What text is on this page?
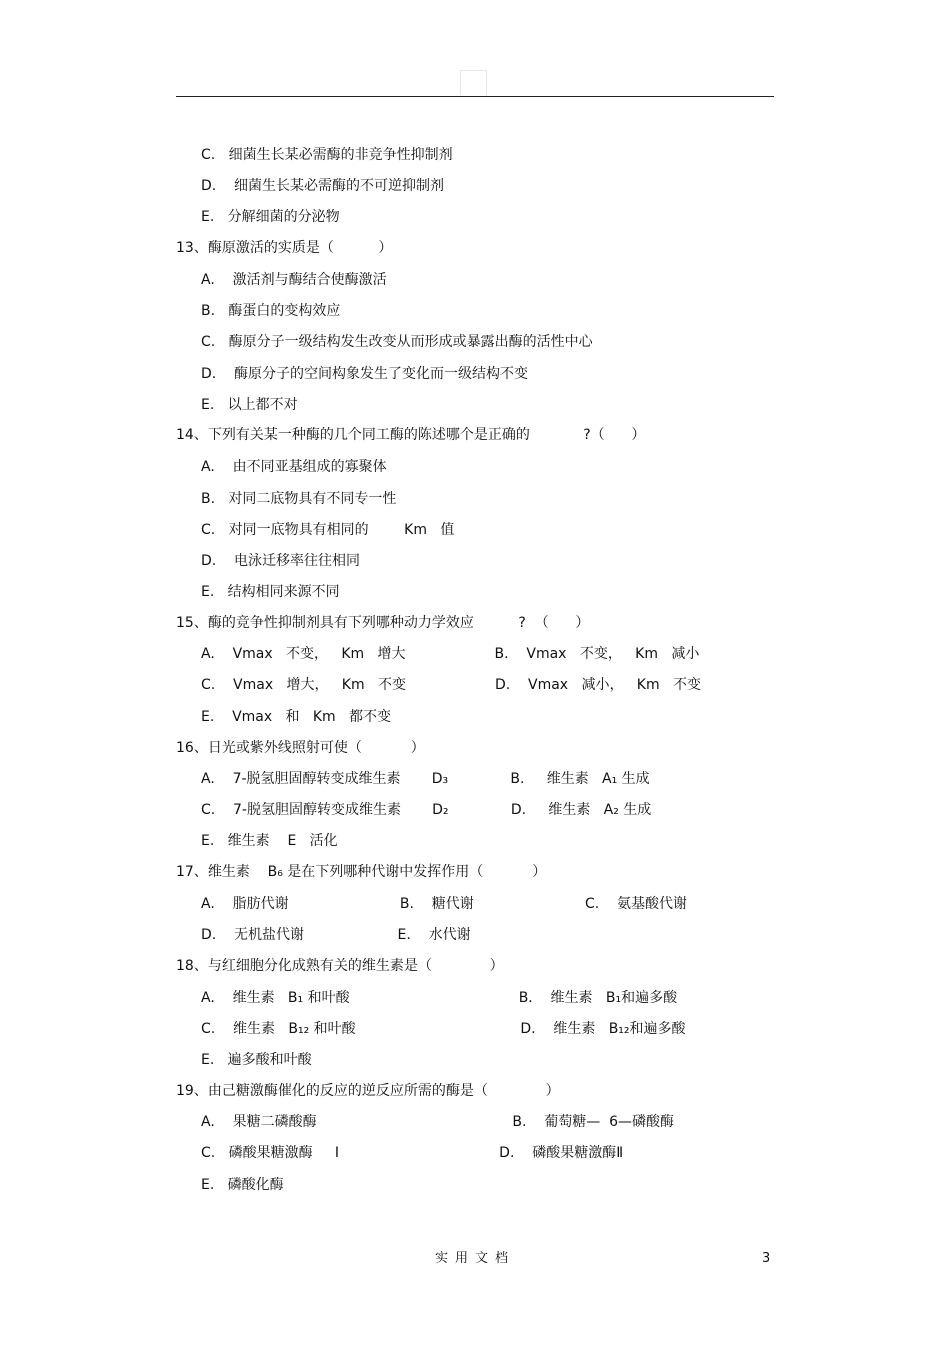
C.   细菌生长某必需酶的非竞争性抑制剂
D.    细菌生长某必需酶的不可逆抑制剂
E.   分解细菌的分泌物
13、酶原激活的实质是（          ）
A.    激活剂与酶结合使酶激活
B.   酶蛋白的变构效应
C.   酶原分子一级结构发生改变从而形成或暴露出酶的活性中心
D.    酶原分子的空间构象发生了变化而一级结构不变
E.   以上都不对
14、下列有关某一种酶的几个同工酶的陈述哪个是正确的            ?（      ）
A.    由不同亚基组成的寡聚体
B.   对同二底物具有不同专一性
C.   对同一底物具有相同的        Km   值
D.    电泳迁移率往往相同
E.   结构相同来源不同
15、酶的竞争性抑制剂具有下列哪种动力学效应          ?  （      ）
A.    Vmax   不变，   Km   增大                    B.    Vmax   不变，   Km   减小
C.    Vmax   增大，   Km   不变                    D.    Vmax   减小，   Km   不变
E.    Vmax   和   Km   都不变
16、日光或紫外线照射可使（           ）
A.    7-脱氢胆固醇转变成维生素       D₃              B.     维生素   A₁ 生成
C.    7-脱氢胆固醇转变成维生素       D₂              D.     维生素   A₂ 生成
E.   维生素    E   活化
17、维生素    B₆ 是在下列哪种代谢中发挥作用（           ）
A.    脂肪代谢                         B.    糖代谢                         C.    氨基酸代谢
D.    无机盐代谢                     E.    水代谢
18、与红细胞分化成熟有关的维生素是（             ）
A.    维生素   B₁ 和叶酸                                      B.    维生素   B₁和遍多酸
C.    维生素   B₁₂ 和叶酸                                     D.    维生素   B₁₂和遍多酸
E.   遍多酸和叶酸
19、由己糖激酶催化的反应的逆反应所需的酶是（             ）
A.    果糖二磷酸酶                                            B.    葡萄糖—  6—磷酸酶
C.   磷酸果糖激酶     Ⅰ                                    D.    磷酸果糖激酶Ⅱ
E.   磷酸化酶
实用文档	3
